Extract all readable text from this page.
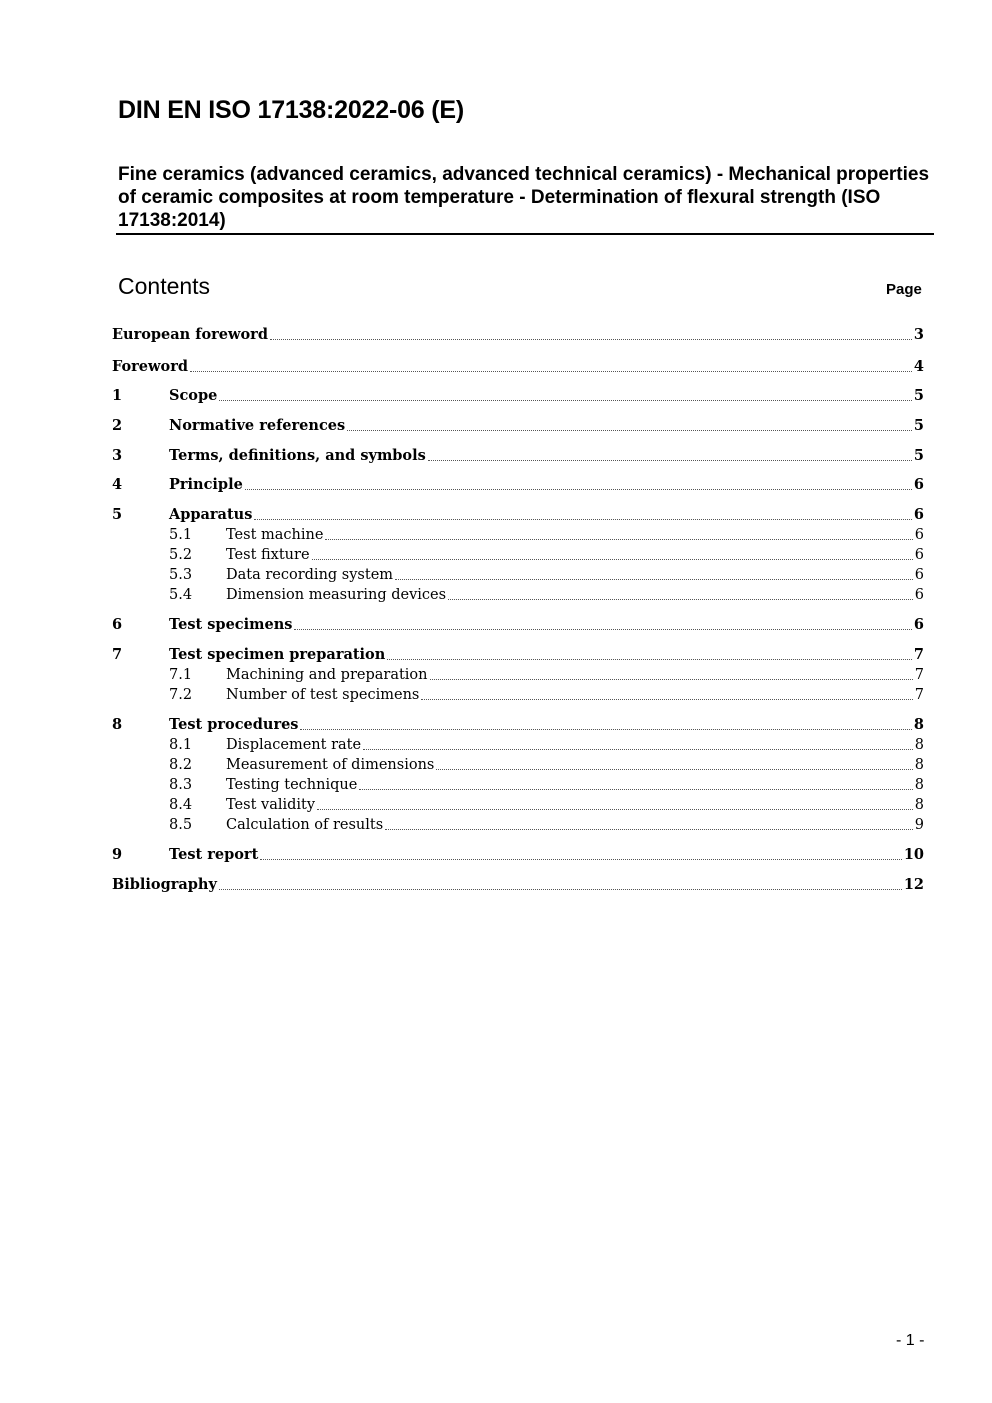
DIN EN ISO 17138:2022-06 (E)
Fine ceramics (advanced ceramics, advanced technical ceramics) - Mechanical properties of ceramic composites at room temperature - Determination of flexural strength (ISO 17138:2014)
Contents	Page
European foreword	3
Foreword	4
1	Scope	5
2	Normative references	5
3	Terms, definitions, and symbols	5
4	Principle	6
5	Apparatus	6
5.1	Test machine	6
5.2	Test fixture	6
5.3	Data recording system	6
5.4	Dimension measuring devices	6
6	Test specimens	6
7	Test specimen preparation	7
7.1	Machining and preparation	7
7.2	Number of test specimens	7
8	Test procedures	8
8.1	Displacement rate	8
8.2	Measurement of dimensions	8
8.3	Testing technique	8
8.4	Test validity	8
8.5	Calculation of results	9
9	Test report	10
Bibliography	12
- 1 -
